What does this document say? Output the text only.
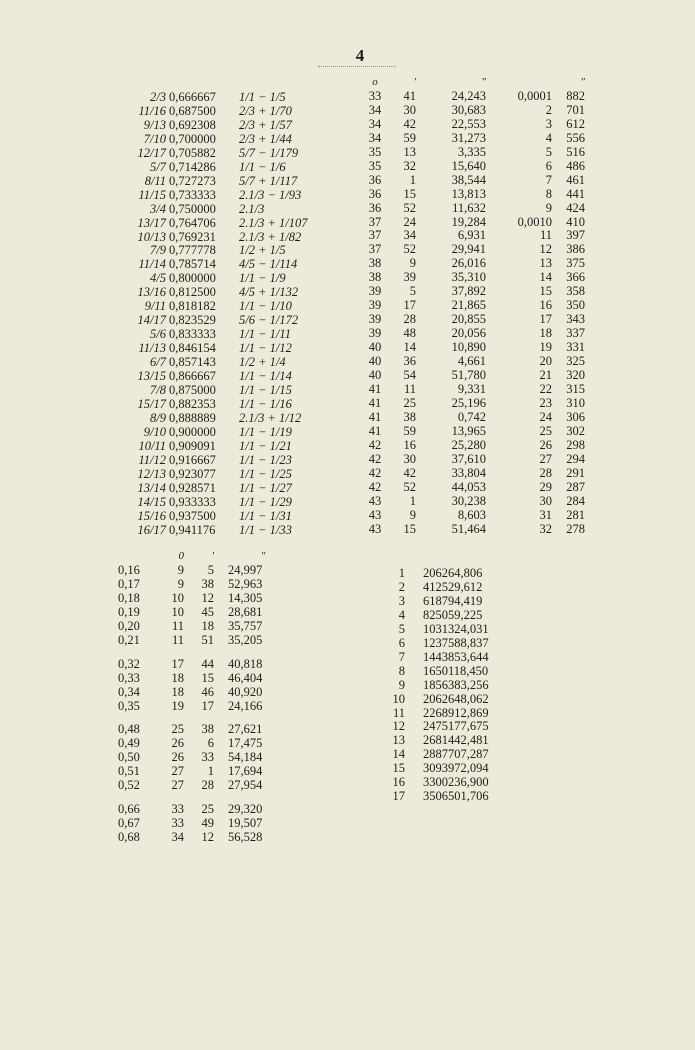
4
2/3	0,666667	1/1 − 1/5
11/16	0,687500	2/3 + 1/70
9/13	0,692308	2/3 + 1/57
7/10	0,700000	2/3 + 1/44
12/17	0,705882	5/7 − 1/179
5/7	0,714286	1/1 − 1/6
8/11	0,727273	5/7 + 1/117
11/15	0,733333	2.1/3 − 1/93
3/4	0,750000	2.1/3
13/17	0,764706	2.1/3 + 1/107
10/13	0,769231	2.1/3 + 1/82
7/9	0,777778	1/2 + 1/5
11/14	0,785714	4/5 − 1/114
4/5	0,800000	1/1 − 1/9
13/16	0,812500	4/5 + 1/132
9/11	0,818182	1/1 − 1/10
14/17	0,823529	5/6 − 1/172
5/6	0,833333	1/1 − 1/11
11/13	0,846154	1/1 − 1/12
6/7	0,857143	1/2 + 1/4
13/15	0,866667	1/1 − 1/14
7/8	0,875000	1/1 − 1/15
15/17	0,882353	1/1 − 1/16
8/9	0,888889	2.1/3 + 1/12
9/10	0,900000	1/1 − 1/19
10/11	0,909091	1/1 − 1/21
11/12	0,916667	1/1 − 1/23
12/13	0,923077	1/1 − 1/25
13/14	0,928571	1/1 − 1/27
14/15	0,933333	1/1 − 1/29
15/16	0,937500	1/1 − 1/31
16/17	0,941176	1/1 − 1/33
o	′	″		″
33	41	24,243	0,0001	882
34	30	30,683	2	701
34	42	22,553	3	612
34	59	31,273	4	556
35	13	3,335	5	516
35	32	15,640	6	486
36	1	38,544	7	461
36	15	13,813	8	441
36	52	11,632	9	424
37	24	19,284	0,0010	410
37	34	6,931	11	397
37	52	29,941	12	386
38	9	26,016	13	375
38	39	35,310	14	366
39	5	37,892	15	358
39	17	21,865	16	350
39	28	20,855	17	343
39	48	20,056	18	337
40	14	10,890	19	331
40	36	4,661	20	325
40	54	51,780	21	320
41	11	9,331	22	315
41	25	25,196	23	310
41	38	0,742	24	306
41	59	13,965	25	302
42	16	25,280	26	298
42	30	37,610	27	294
42	42	33,804	28	291
42	52	44,053	29	287
43	1	30,238	30	284
43	9	8,603	31	281
43	15	51,464	32	278
	0	′	″
0,16	9	5	24,997
0,17	9	38	52,963
0,18	10	12	14,305
0,19	10	45	28,681
0,20	11	18	35,757
0,21	11	51	35,205

0,32	17	44	40,818
0,33	18	15	46,404
0,34	18	46	40,920
0,35	19	17	24,166

0,48	25	38	27,621
0,49	26	6	17,475
0,50	26	33	54,184
0,51	27	1	17,694
0,52	27	28	27,954

0,66	33	25	29,320
0,67	33	49	19,507
0,68	34	12	56,528
1	206264,806
2	412529,612
3	618794,419
4	825059,225
5	1031324,031
6	1237588,837
7	1443853,644
8	1650118,450
9	1856383,256
10	2062648,062
11	2268912,869
12	2475177,675
13	2681442,481
14	2887707,287
15	3093972,094
16	3300236,900
17	3506501,706
